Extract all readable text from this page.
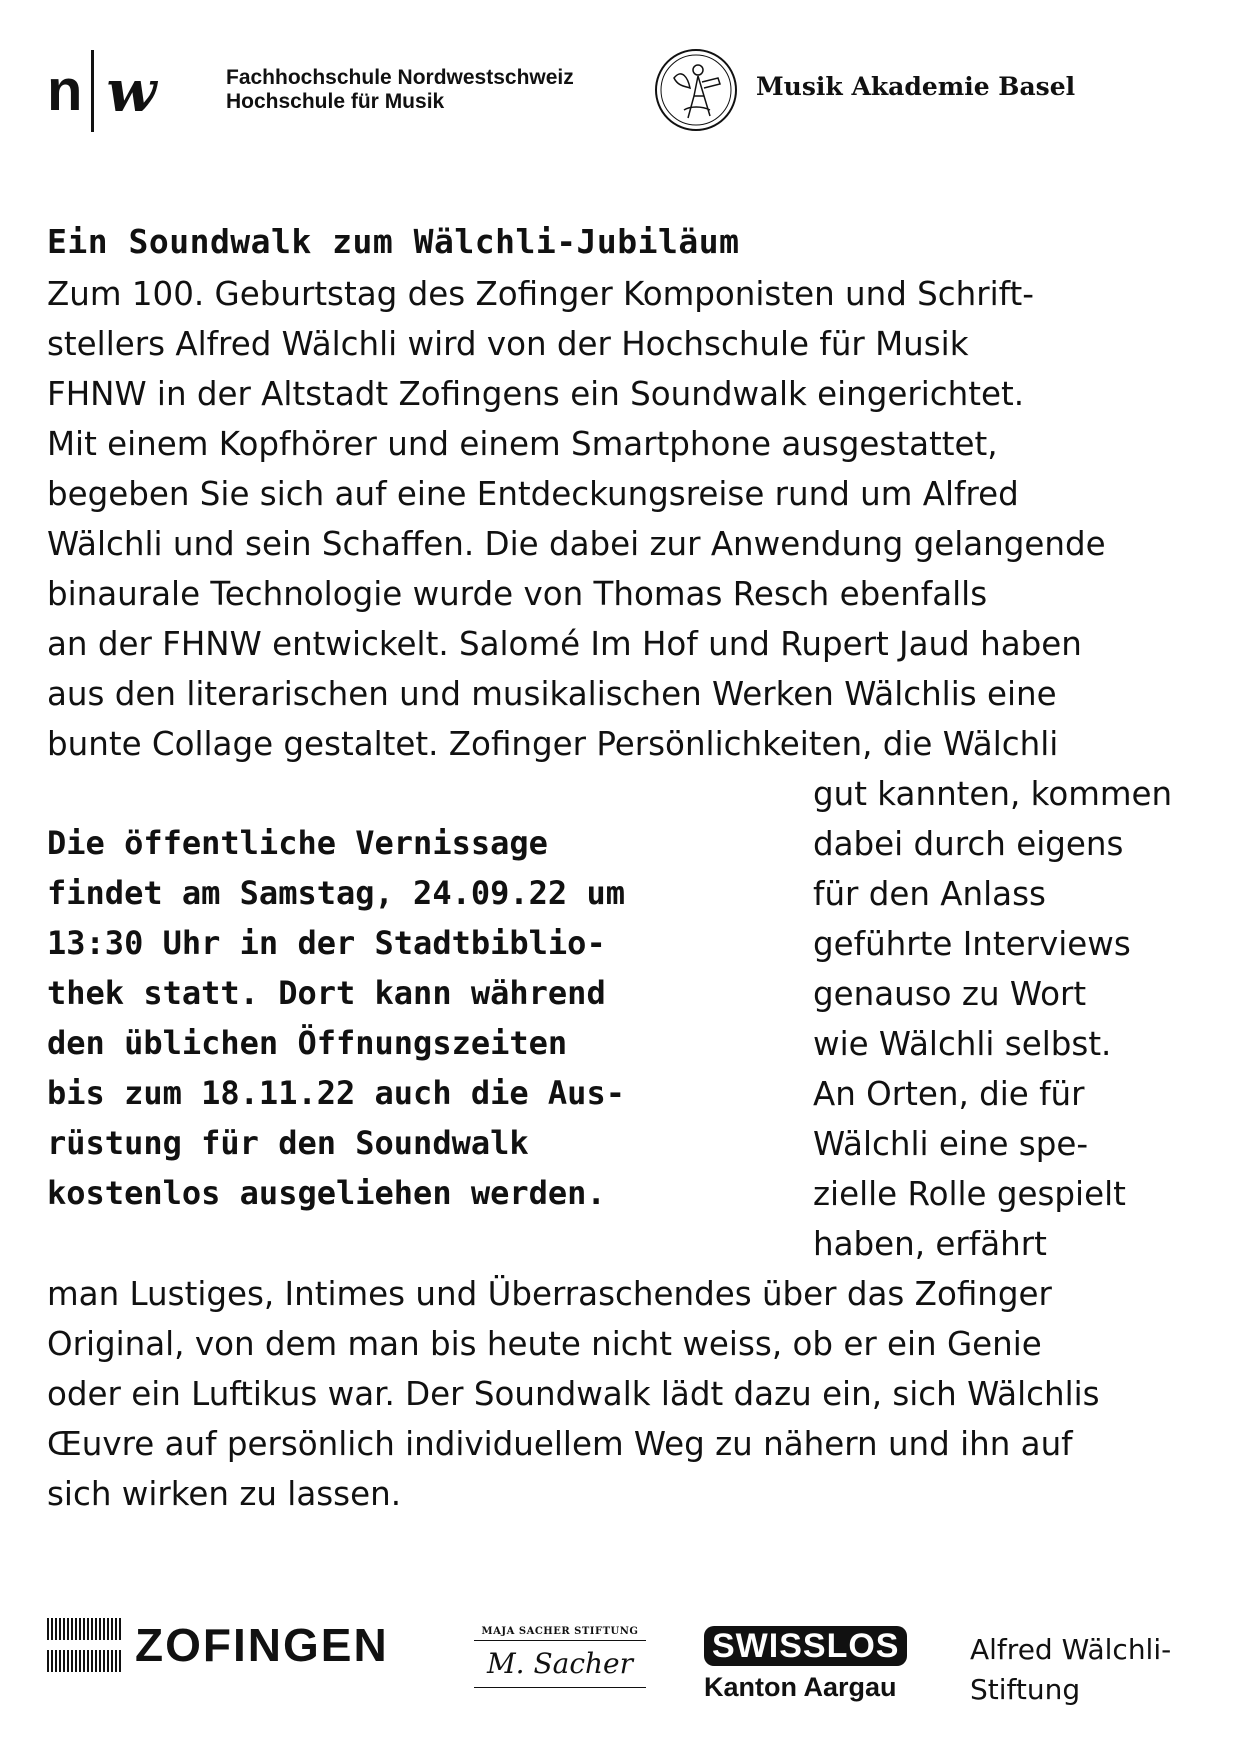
n w	Fachhochschule Nordwestschweiz
Hochschule für Musik
Musik Akademie Basel
Ein Soundwalk zum Wälchli-Jubiläum
Zum 100. Geburtstag des Zofinger Komponisten und Schrift-
stellers Alfred Wälchli wird von der Hochschule für Musik
FHNW in der Altstadt Zofingens ein Soundwalk eingerichtet.
Mit einem Kopfhörer und einem Smartphone ausgestattet,
begeben Sie sich auf eine Entdeckungsreise rund um Alfred
Wälchli und sein Schaffen. Die dabei zur Anwendung gelangende
binaurale Technologie wurde von Thomas Resch ebenfalls
an der FHNW entwickelt. Salomé Im Hof und Rupert Jaud haben
aus den literarischen und musikalischen Werken Wälchlis eine
bunte Collage gestaltet. Zofinger Persönlichkeiten, die Wälchli
gut kannten, kommen
dabei durch eigens
für den Anlass
geführte Interviews
genauso zu Wort
wie Wälchli selbst.
An Orten, die für
Wälchli eine spe-
zielle Rolle gespielt
haben, erfährt
Die öffentliche Vernissage
findet am Samstag, 24.09.22 um
13:30 Uhr in der Stadtbiblio-
thek statt. Dort kann während
den üblichen Öffnungszeiten
bis zum 18.11.22 auch die Aus-
rüstung für den Soundwalk
kostenlos ausgeliehen werden.
man Lustiges, Intimes und Überraschendes über das Zofinger
Original, von dem man bis heute nicht weiss, ob er ein Genie
oder ein Luftikus war. Der Soundwalk lädt dazu ein, sich Wälchlis
Œuvre auf persönlich individuellem Weg zu nähern und ihn auf
sich wirken zu lassen.
ZOFINGEN	MAJA SACHER STIFTUNG
M. Sacher	SWISSLOS
Kanton Aargau
Alfred Wälchli-
Stiftung
